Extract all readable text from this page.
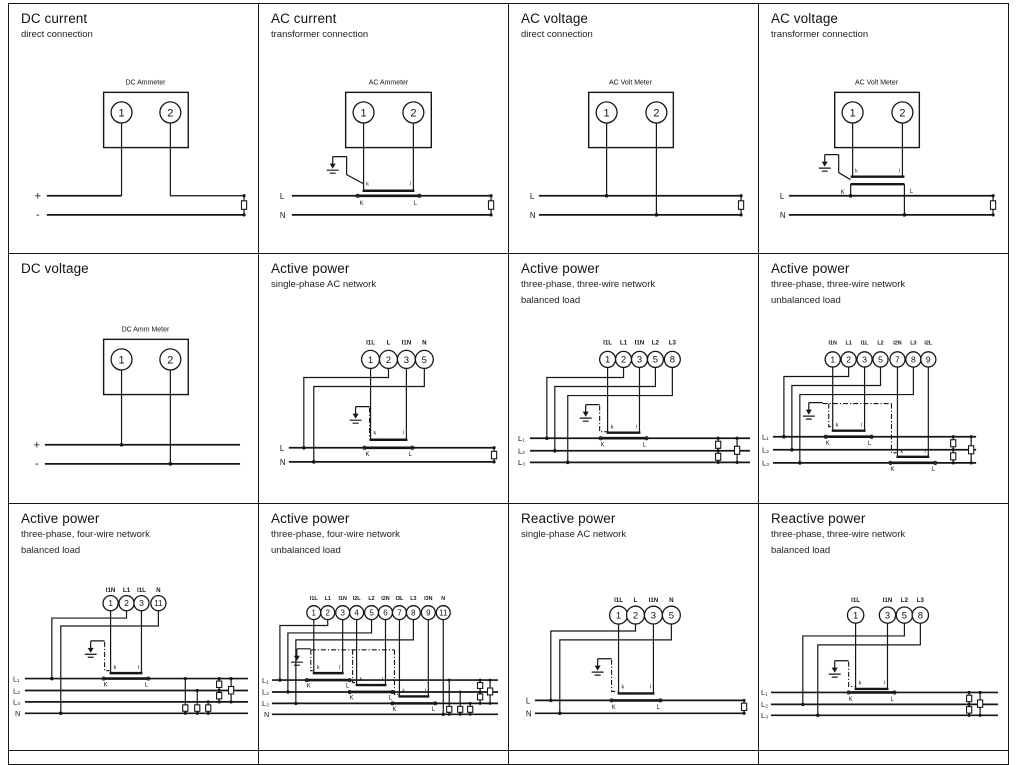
DC current
direct connection
DC Ammeter
1	2
+
-
AC current
transformer connection
AC Ammeter
1	2
k	l
K	L
L
N
AC voltage
direct connection
AC Volt Meter
1	2
L
N
AC voltage
transformer connection
AC Volt Meter
1	2
k	l
K	L
L
N
DC voltage
DC Amm Meter
1	2
+
-
Active power
single-phase AC network
I1L L I1N N
1 2 3 5
k	l
K	L
L
N
Active power
three-phase, three-wire network
balanced load
I1L L1 I1N L2 L3
1 2 3 5 8
k	l
K	L
L₁
L₂
L₃
Active power
three-phase, three-wire network
unbalanced load
I1N L1 I1L L2 I2N L3 I2L
1 2 3 5 7 8 9
k	l
K	L
k	l
K	L
L₁
L₂
L₃
Active power
three-phase, four-wire network
balanced load
I1N L1 I1L N
1 2 3 11
k	l
K	L
L₁
L₂
L₃
N
Active power
three-phase, four-wire network
unbalanced load
I1L L1 I1N I2L L2 I2N I3L L3 I3N N
1 2 3 4 5 6 7 8 9 11
k	l
K	L
k	l
K	L
k	l
K	L
L₁
L₂
L₃
N
Reactive power
single-phase AC network
I1L L I1N N
1 2 3 5
k	l
K	L
L
N
Reactive power
three-phase, three-wire network
balanced load
I1L	I1N L2 L3
1	3 5 8
k	l
K	L
L₁
L₂
L₃
